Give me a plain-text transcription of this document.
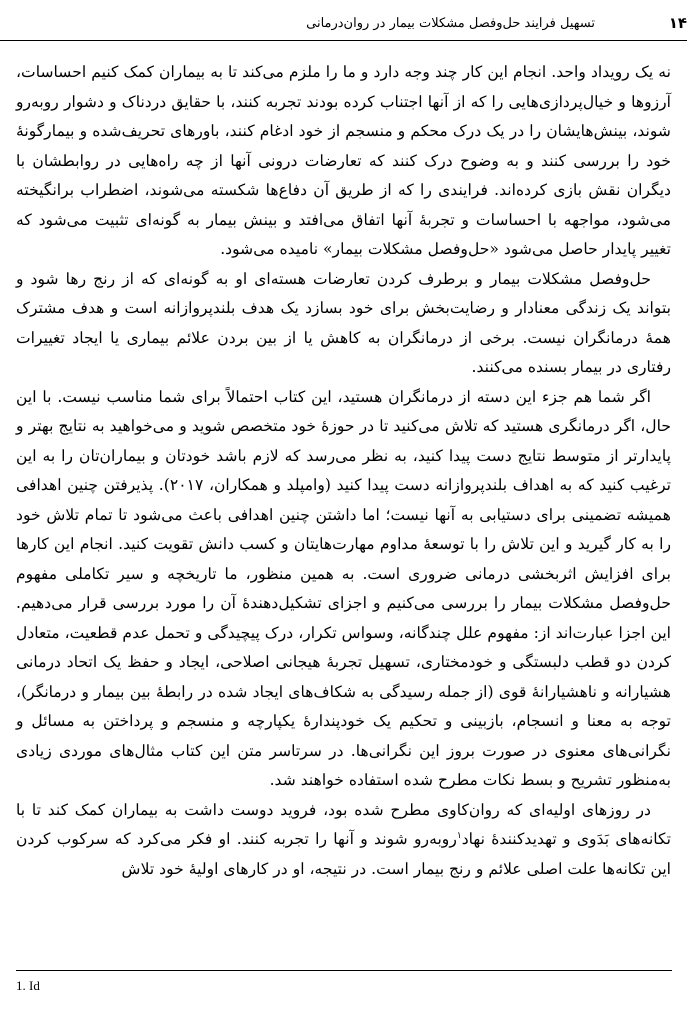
۱۴
تسهیل فرایند حل‌وفصل مشکلات بیمار در روان‌درمانی

نه یک رویداد واحد. انجام این کار چند وجه دارد و ما را ملزم می‌کند تا به بیماران کمک کنیم احساسات، آرزوها و خیال‌پردازی‌هایی را که از آنها اجتناب کرده بودند تجربه کنند، با حقایق دردناک و دشوار روبه‌رو شوند، بینش‌هایشان را در یک درک محکم و منسجم از خود ادغام کنند، باورهای تحریف‌شده و بیمارگونهٔ خود را بررسی کنند و به وضوح درک کنند که تعارضات درونی آنها از چه راه‌هایی در روابطشان با دیگران نقش بازی کرده‌اند. فرایندی را که از طریق آن دفاع‌ها شکسته می‌شوند، اضطراب برانگیخته می‌شود، مواجهه با احساسات و تجربهٔ آنها اتفاق می‌افتد و بینش بیمار به گونه‌ای تثبیت می‌شود که تغییر پایدار حاصل می‌شود «حل‌وفصل مشکلات بیمار» نامیده می‌شود.

حل‌وفصل مشکلات بیمار و برطرف کردن تعارضات هسته‌ای او به گونه‌ای که از رنج رها شود و بتواند یک زندگی معنادار و رضایت‌بخش برای خود بسازد یک هدف بلندپروازانه است و هدف مشترک همهٔ درمانگران نیست. برخی از درمانگران به کاهش یا از بین بردن علائم بیماری یا ایجاد تغییرات رفتاری در بیمار بسنده می‌کنند.

اگر شما هم جزء این دسته از درمانگران هستید، این کتاب احتمالاً برای شما مناسب نیست. با این حال، اگر درمانگری هستید که تلاش می‌کنید تا در حوزهٔ خود متخصص شوید و می‌خواهید به نتایج بهتر و پایدارتر از متوسط نتایج دست پیدا کنید، به نظر می‌رسد که لازم باشد خودتان و بیماران‌تان را به این ترغیب کنید که به اهداف بلندپروازانه دست پیدا کنید (وامپلد و همکاران، ۲۰۱۷). پذیرفتن چنین اهدافی همیشه تضمینی برای دستیابی به آنها نیست؛ اما داشتن چنین اهدافی باعث می‌شود تا تمام تلاش خود را به کار گیرید و این تلاش را با توسعهٔ مداوم مهارت‌هایتان و کسب دانش تقویت کنید. انجام این کارها برای افزایش اثربخشی درمانی ضروری است. به همین منظور، ما تاریخچه و سیر تکاملی مفهوم حل‌وفصل مشکلات بیمار را بررسی می‌کنیم و اجزای تشکیل‌دهندهٔ آن را مورد بررسی قرار می‌دهیم. این اجزا عبارت‌اند از: مفهوم علل چندگانه، وسواس تکرار، درک پیچیدگی و تحمل عدم قطعیت، متعادل کردن دو قطب دلبستگی و خودمختاری، تسهیل تجربهٔ هیجانی اصلاحی، ایجاد و حفظ یک اتحاد درمانی هشیارانه و ناهشیارانهٔ قوی (از جمله رسیدگی به شکاف‌های ایجاد شده در رابطهٔ بین بیمار و درمانگر)، توجه به معنا و انسجام، بازبینی و تحکیم یک خودپندارهٔ یکپارچه و منسجم و پرداختن به مسائل و نگرانی‌های معنوی در صورت بروز این نگرانی‌ها. در سرتاسر متن این کتاب مثال‌های موردی زیادی به‌منظور تشریح و بسط نکات مطرح شده استفاده خواهند شد.

در روزهای اولیه‌ای که روان‌کاوی مطرح شده بود، فروید دوست داشت به بیماران کمک کند تا با تکانه‌های بَدَوی و تهدیدکنندهٔ نهاد$^۱$روبه‌رو شوند و آنها را تجربه کنند. او فکر می‌کرد که سرکوب کردن این تکانه‌ها علت اصلی علائم و رنج بیمار است. در نتیجه، او در کارهای اولیهٔ خود تلاش

1. Id
